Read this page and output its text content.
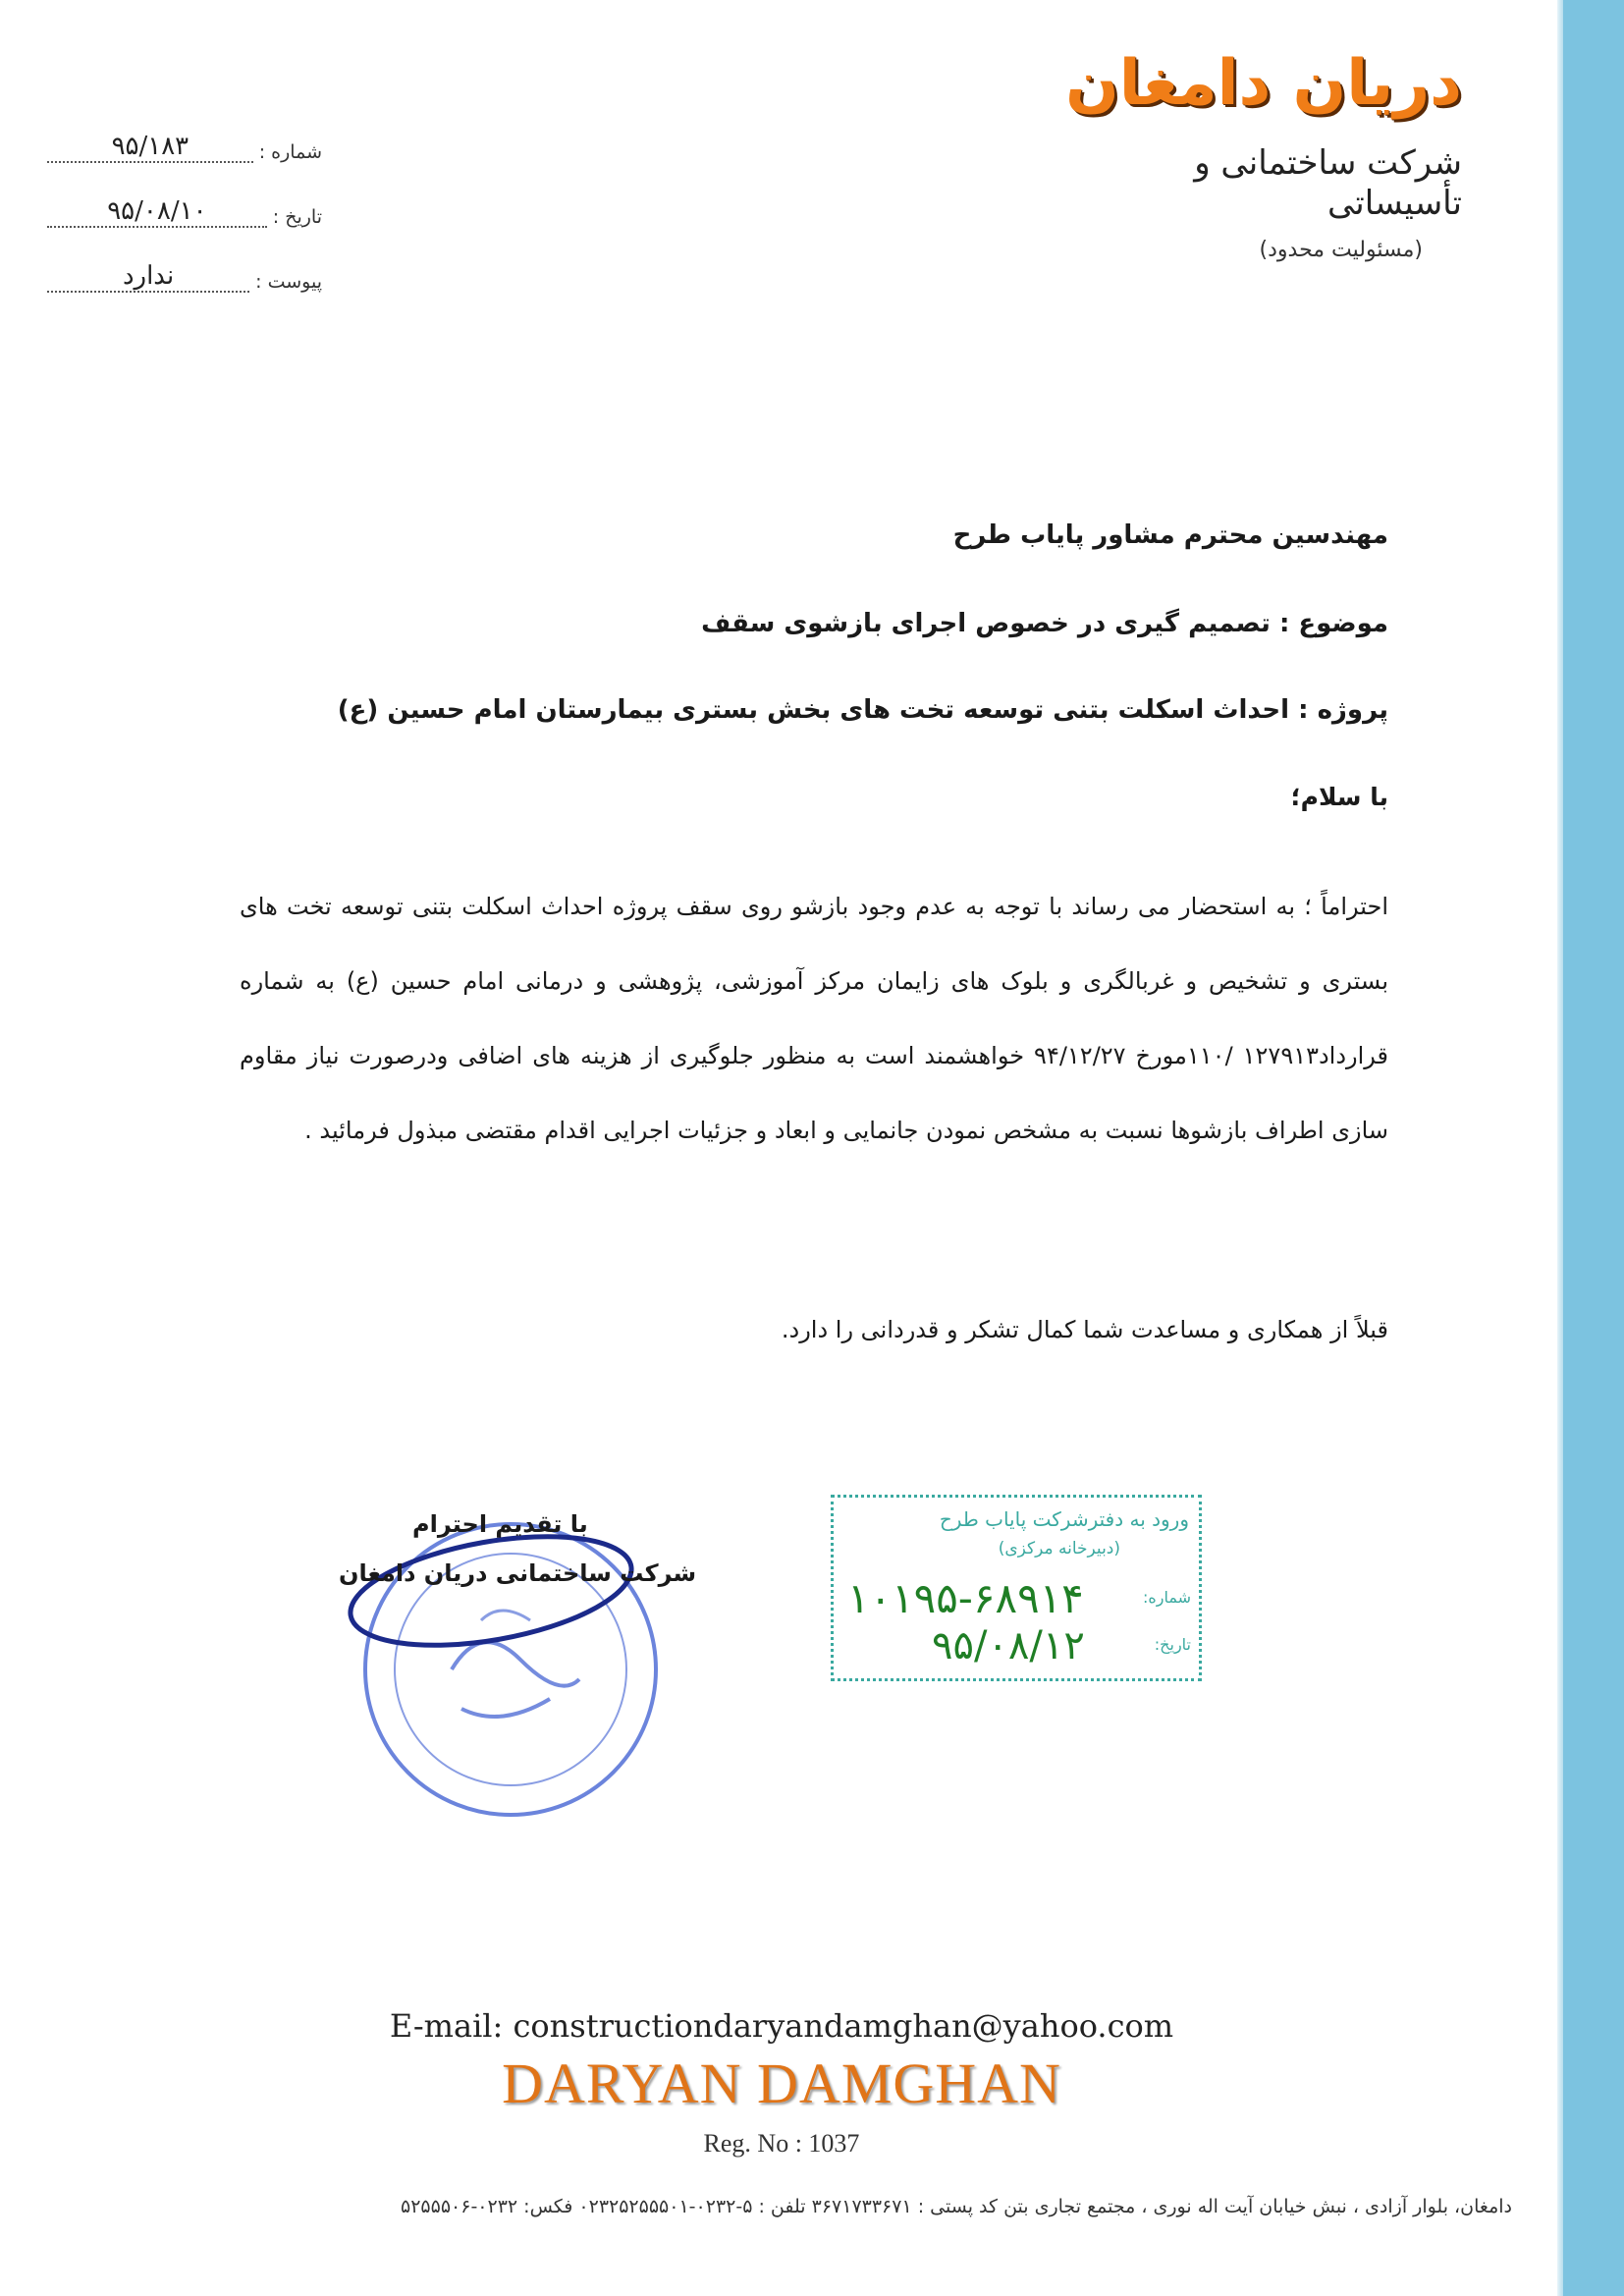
دریان دامغان
شرکت ساختمانی و تأسیساتی
(مسئولیت محدود)
شماره :
۹۵/۱۸۳
تاریخ :
۹۵/۰۸/۱۰
پیوست :
ندارد
مهندسین محترم مشاور پایاب طرح
موضوع : تصمیم گیری در خصوص اجرای بازشوی سقف
پروژه : احداث اسکلت بتنی توسعه تخت های بخش بستری بیمارستان امام حسین (ع)
با سلام؛
احتراماً ؛ به استحضار می رساند با توجه به عدم وجود بازشو روی سقف پروژه احداث اسکلت بتنی توسعه تخت های بستری و تشخیص و غربالگری و بلوک های زایمان مرکز آموزشی، پژوهشی و درمانی امام حسین (ع) به شماره قرارداد۱۲۷۹۱۳ /۱۱۰مورخ ۹۴/۱۲/۲۷ خواهشمند است به منظور جلوگیری از هزینه های اضافی ودرصورت نیاز مقاوم سازی اطراف بازشوها نسبت به مشخص نمودن جانمایی و ابعاد و جزئیات اجرایی اقدام مقتضی مبذول فرمائید .
قبلاً از همکاری و مساعدت شما کمال تشکر و قدردانی را دارد.
با تقدیم احترام
شرکت ساختمانی دریان دامغان
ورود به دفترشرکت پایاب طرح
(دبیرخانه مرکزی)
شماره:
تاریخ:
۱۰۱۹۵-۶۸۹۱۴
۹۵/۰۸/۱۲
E-mail: constructiondaryandamghan@yahoo.com
DARYAN DAMGHAN
Reg. No : 1037
دامغان، بلوار آزادی ، نبش خیابان آیت اله نوری ، مجتمع تجاری بتن کد پستی : ۳۶۷۱۷۳۳۶۷۱ تلفن : ۵-۰۲۳۲-۰۲۳۲۵۲۵۵۵۰۱ فکس: ۰۲۳۲-۵۲۵۵۵۰۶
